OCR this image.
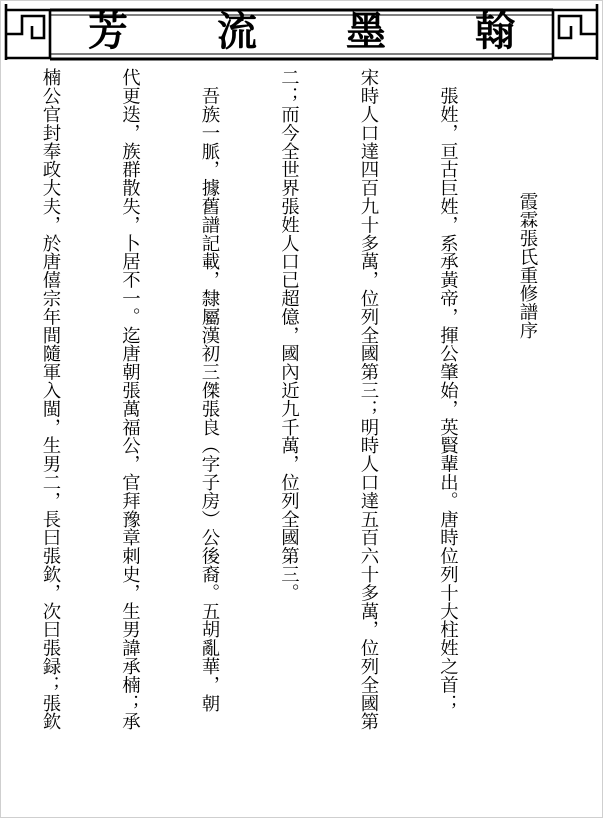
芳 流 墨 翰

霞霖張氏重修譜序

　張姓，亘古巨姓，系承黃帝，揮公肇始，英賢輩出。唐時位列十大柱姓之首；

宋時人口達四百九十多萬，位列全國第三；明時人口達五百六十多萬，位列全國第

二；而今全世界張姓人口已超億，國內近九千萬，位列全國第三。

　吾族一脈，據舊譜記載，隸屬漢初三傑張良（字子房）公後裔。五胡亂華，朝

代更迭，族群散失，卜居不一。迄唐朝張萬福公，官拜豫章刺史，生男諱承楠；承

楠公官封奉政大夫，於唐僖宗年間隨軍入閩，生男二，長曰張欽，次曰張録；張欽
